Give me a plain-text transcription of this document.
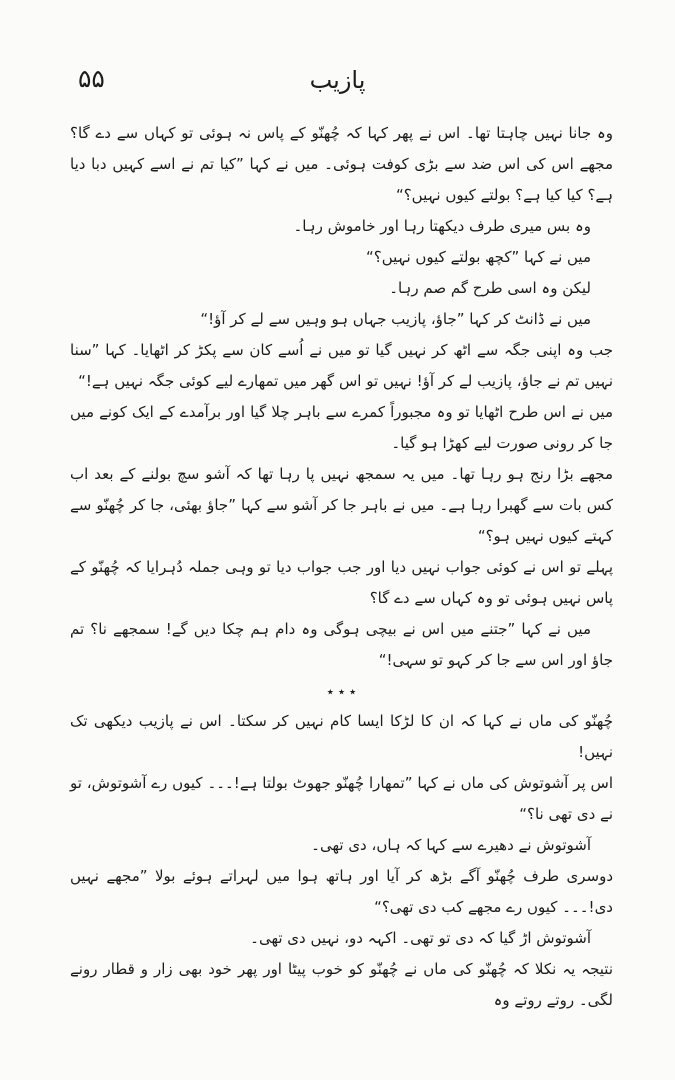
۵۵	پازیب

وہ جانا نہیں چاہتا تھا۔ اس نے پھر کہا کہ چُھنّو کے پاس نہ ہوئی تو کہاں سے دے گا؟ مجھے اس کی اس ضد سے بڑی کوفت ہوئی۔ میں نے کہا ”کیا تم نے اسے کہیں دبا دیا ہے؟ کیا کیا ہے؟ بولتے کیوں نہیں؟“

وہ بس میری طرف دیکھتا رہا اور خاموش رہا۔

میں نے کہا ”کچھ بولتے کیوں نہیں؟“

لیکن وہ اسی طرح گم صم رہا۔

میں نے ڈانٹ کر کہا ”جاؤ، پازیب جہاں ہو وہیں سے لے کر آؤ!“

جب وہ اپنی جگہ سے اٹھ کر نہیں گیا تو میں نے اُسے کان سے پکڑ کر اٹھایا۔ کہا ”سنا نہیں تم نے جاؤ، پازیب لے کر آؤ! نہیں تو اس گھر میں تمھارے لیے کوئی جگہ نہیں ہے!“

میں نے اس طرح اٹھایا تو وہ مجبوراً کمرے سے باہر چلا گیا اور برآمدے کے ایک کونے میں جا کر رونی صورت لیے کھڑا ہو گیا۔

مجھے بڑا رنج ہو رہا تھا۔ میں یہ سمجھ نہیں پا رہا تھا کہ آشو سچ بولنے کے بعد اب کس بات سے گھبرا رہا ہے۔ میں نے باہر جا کر آشو سے کہا ”جاؤ بھئی، جا کر چُھنّو سے کہتے کیوں نہیں ہو؟“

پہلے تو اس نے کوئی جواب نہیں دیا اور جب جواب دیا تو وہی جملہ دُہرایا کہ چُھنّو کے پاس نہیں ہوئی تو وہ کہاں سے دے گا؟

میں نے کہا ”جتنے میں اس نے بیچی ہوگی وہ دام ہم چکا دیں گے! سمجھے نا؟ تم جاؤ اور اس سے جا کر کہو تو سہی!“

٭ ٭ ٭

چُھنّو کی ماں نے کہا کہ ان کا لڑکا ایسا کام نہیں کر سکتا۔ اس نے پازیب دیکھی تک نہیں!

اس پر آشوتوش کی ماں نے کہا ”تمھارا چُھنّو جھوٹ بولتا ہے!۔۔۔ کیوں رے آشوتوش، تو نے دی تھی نا؟“

آشوتوش نے دھیرے سے کہا کہ ہاں، دی تھی۔

دوسری طرف چُھنّو آگے بڑھ کر آیا اور ہاتھ ہوا میں لہراتے ہوئے بولا ”مجھے نہیں دی!۔۔۔ کیوں رے مجھے کب دی تھی؟“

آشوتوش اڑ گیا کہ دی تو تھی۔ اکہہ دو، نہیں دی تھی۔

نتیجہ یہ نکلا کہ چُھنّو کی ماں نے چُھنّو کو خوب پیٹا اور پھر خود بھی زار و قطار رونے لگی۔ روتے روتے وہ
